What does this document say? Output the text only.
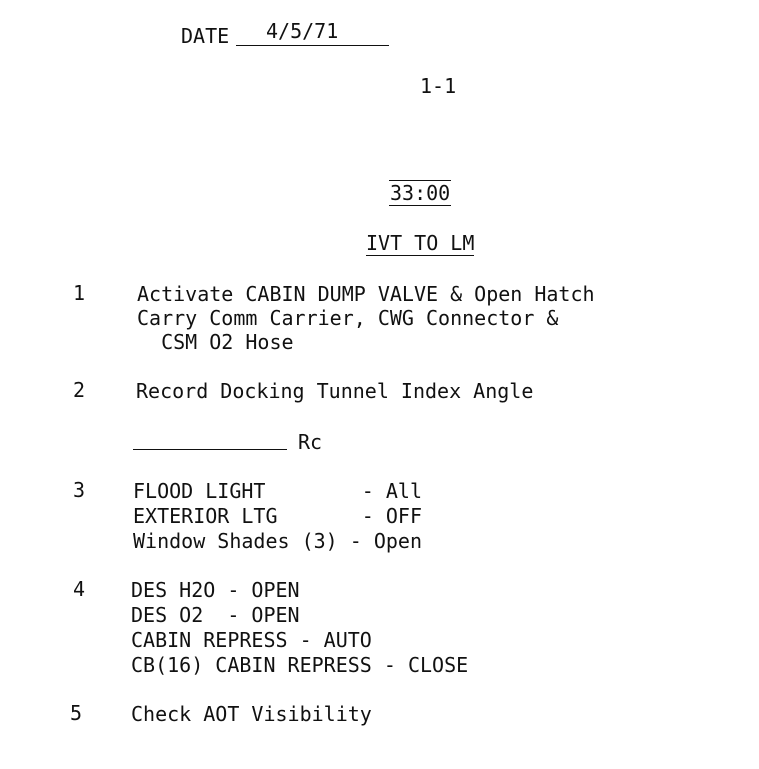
DATE	4/5/71
1-1
33:00
IVT TO LM
1	Activate CABIN DUMP VALVE & Open Hatch
Carry Comm Carrier, CWG Connector &
CSM O2 Hose
2	Record Docking Tunnel Index Angle
Rc
3 FLOOD LIGHT        - All
EXTERIOR LTG       - OFF
Window Shades (3) - Open
4 DES H2O - OPEN
DES O2  - OPEN
CABIN REPRESS - AUTO
CB(16) CABIN REPRESS - CLOSE
5 Check AOT Visibility
